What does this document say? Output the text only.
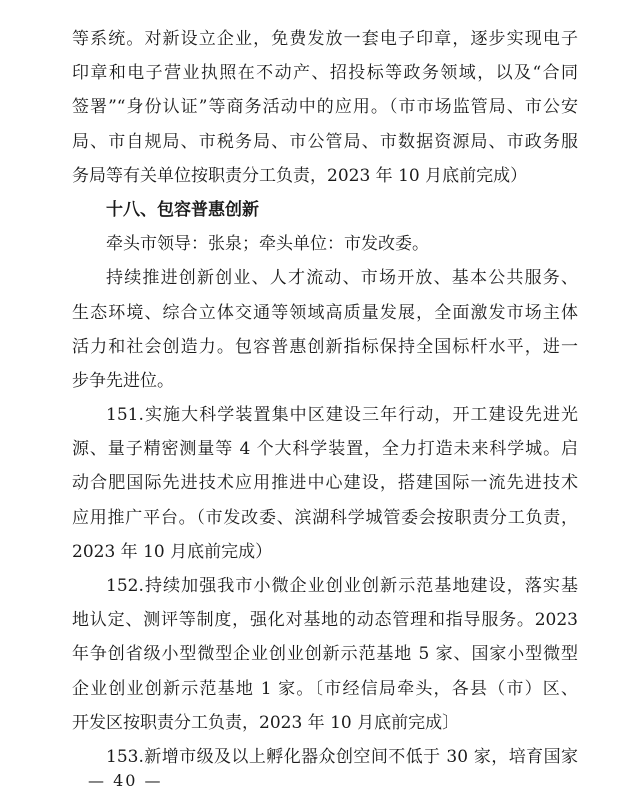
等系统。对新设立企业，免费发放一套电子印章，逐步实现电子
印章和电子营业执照在不动产、招投标等政务领域，以及“合同
签署”“身份认证”等商务活动中的应用。（市市场监管局、市公安
局、市自规局、市税务局、市公管局、市数据资源局、市政务服
务局等有关单位按职责分工负责，2023 年 10 月底前完成）
十八、包容普惠创新
牵头市领导：张泉；牵头单位：市发改委。
持续推进创新创业、人才流动、市场开放、基本公共服务、
生态环境、综合立体交通等领域高质量发展，全面激发市场主体
活力和社会创造力。包容普惠创新指标保持全国标杆水平，进一
步争先进位。
151.实施大科学装置集中区建设三年行动，开工建设先进光
源、量子精密测量等 4 个大科学装置，全力打造未来科学城。启
动合肥国际先进技术应用推进中心建设，搭建国际一流先进技术
应用推广平台。（市发改委、滨湖科学城管委会按职责分工负责，
2023 年 10 月底前完成）
152.持续加强我市小微企业创业创新示范基地建设，落实基
地认定、测评等制度，强化对基地的动态管理和指导服务。2023
年争创省级小型微型企业创业创新示范基地 5 家、国家小型微型
企业创业创新示范基地 1 家。〔市经信局牵头，各县（市）区、
开发区按职责分工负责，2023 年 10 月底前完成〕
153.新增市级及以上孵化器众创空间不低于 30 家，培育国家
— 40 —
